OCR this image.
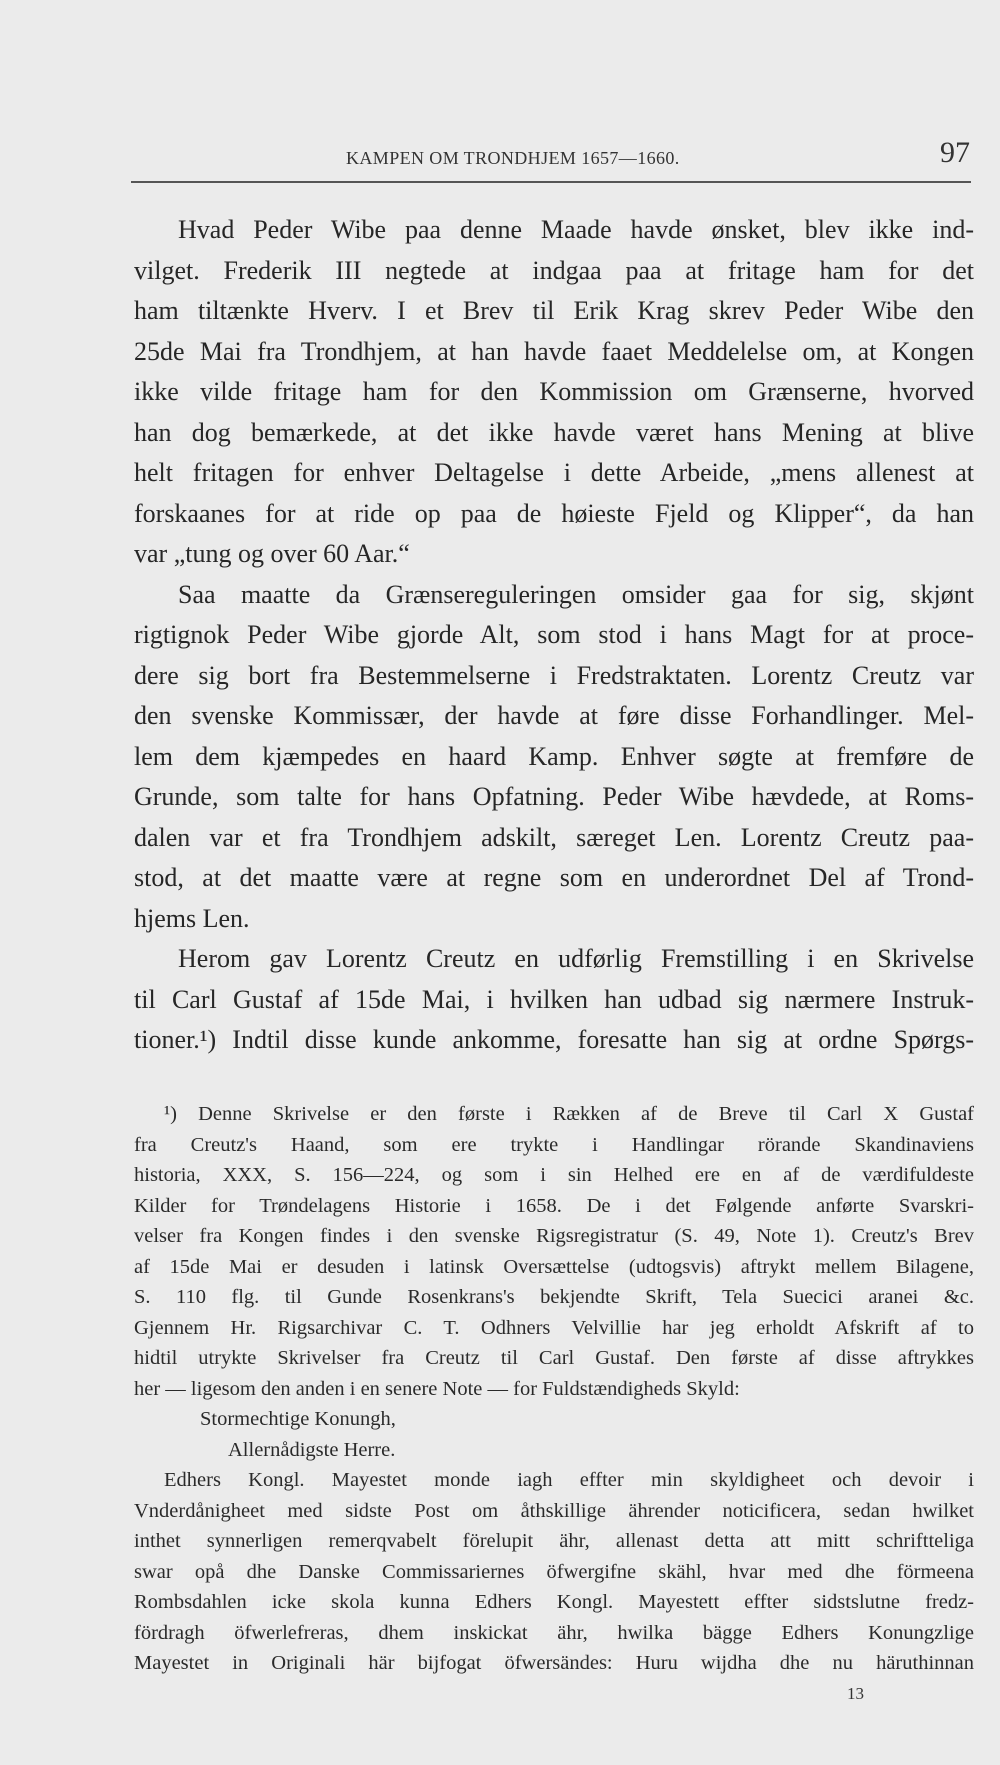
KAMPEN OM TRONDHJEM 1657—1660.	97
Hvad Peder Wibe paa denne Maade havde ønsket, blev ikke ind-
vilget. Frederik III negtede at indgaa paa at fritage ham for det
ham tiltænkte Hverv. I et Brev til Erik Krag skrev Peder Wibe den
25de Mai fra Trondhjem, at han havde faaet Meddelelse om, at Kongen
ikke vilde fritage ham for den Kommission om Grænserne, hvorved
han dog bemærkede, at det ikke havde været hans Mening at blive
helt fritagen for enhver Deltagelse i dette Arbeide, „mens allenest at
forskaanes for at ride op paa de høieste Fjeld og Klipper“, da han
var „tung og over 60 Aar.“
Saa maatte da Grænsereguleringen omsider gaa for sig, skjønt
rigtignok Peder Wibe gjorde Alt, som stod i hans Magt for at proce-
dere sig bort fra Bestemmelserne i Fredstraktaten. Lorentz Creutz var
den svenske Kommissær, der havde at føre disse Forhandlinger. Mel-
lem dem kjæmpedes en haard Kamp. Enhver søgte at fremføre de
Grunde, som talte for hans Opfatning. Peder Wibe hævdede, at Roms-
dalen var et fra Trondhjem adskilt, særeget Len. Lorentz Creutz paa-
stod, at det maatte være at regne som en underordnet Del af Trond-
hjems Len.
Herom gav Lorentz Creutz en udførlig Fremstilling i en Skrivelse
til Carl Gustaf af 15de Mai, i hvilken han udbad sig nærmere Instruk-
tioner.¹) Indtil disse kunde ankomme, foresatte han sig at ordne Spørgs-
¹) Denne Skrivelse er den første i Rækken af de Breve til Carl X Gustaf
fra Creutz's Haand, som ere trykte i Handlingar rörande Skandinaviens
historia, XXX, S. 156—224, og som i sin Helhed ere en af de værdifuldeste
Kilder for Trøndelagens Historie i 1658. De i det Følgende anførte Svarskri-
velser fra Kongen findes i den svenske Rigsregistratur (S. 49, Note 1). Creutz's Brev
af 15de Mai er desuden i latinsk Oversættelse (udtogsvis) aftrykt mellem Bilagene,
S. 110 flg. til Gunde Rosenkrans's bekjendte Skrift, Tela Suecici aranei &c.
Gjennem Hr. Rigsarchivar C. T. Odhners Velvillie har jeg erholdt Afskrift af to
hidtil utrykte Skrivelser fra Creutz til Carl Gustaf. Den første af disse aftrykkes
her — ligesom den anden i en senere Note — for Fuldstændigheds Skyld:
Stormechtige Konungh,
Allernådigste Herre.
Edhers Kongl. Mayestet monde iagh effter min skyldigheet och devoir i
Vnderdånigheet med sidste Post om åthskillige ährender noticificera, sedan hwilket
inthet synnerligen remerqvabelt förelupit ähr, allenast detta att mitt schriftteliga
swar opå dhe Danske Commissariernes öfwergifne skähl, hvar med dhe förmeena
Rombsdahlen icke skola kunna Edhers Kongl. Mayestett effter sidstslutne fredz-
fördragh öfwerlefreras, dhem inskickat ähr, hwilka bägge Edhers Konungzlige
Mayestet in Originali här bijfogat öfwersändes: Huru wijdha dhe nu häruthinnan
13
